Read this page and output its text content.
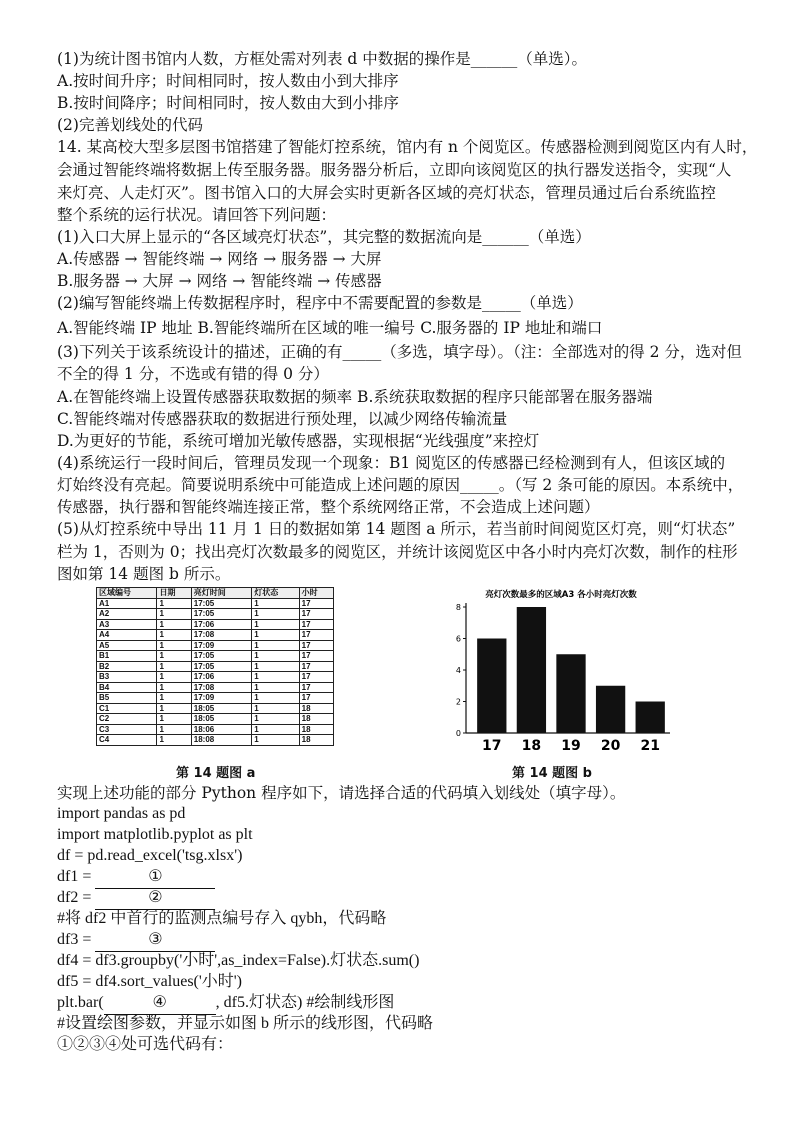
(1)为统计图书馆内人数，方框处需对列表 d 中数据的操作是______（单选）。
A.按时间升序；时间相同时，按人数由小到大排序
B.按时间降序；时间相同时，按人数由大到小排序
(2)完善划线处的代码
14. 某高校大型多层图书馆搭建了智能灯控系统，馆内有 n 个阅览区。传感器检测到阅览区内有人时，
会通过智能终端将数据上传至服务器。服务器分析后，立即向该阅览区的执行器发送指令，实现“人
来灯亮、人走灯灭”。图书馆入口的大屏会实时更新各区域的亮灯状态，管理员通过后台系统监控
整个系统的运行状况。请回答下列问题：
(1)入口大屏上显示的“各区域亮灯状态”，其完整的数据流向是______（单选）
A.传感器 → 智能终端 → 网络 → 服务器 → 大屏
B.服务器 → 大屏 → 网络 → 智能终端 → 传感器
(2)编写智能终端上传数据程序时，程序中不需要配置的参数是_____（单选）
A.智能终端 IP 地址 B.智能终端所在区域的唯一编号 C.服务器的 IP 地址和端口
(3)下列关于该系统设计的描述，正确的有_____（多选，填字母）。（注：全部选对的得 2 分，选对但
不全的得 1 分，不选或有错的得 0 分）
A.在智能终端上设置传感器获取数据的频率 B.系统获取数据的程序只能部署在服务器端
C.智能终端对传感器获取的数据进行预处理，以减少网络传输流量
D.为更好的节能，系统可增加光敏传感器，实现根据“光线强度”来控灯
(4)系统运行一段时间后，管理员发现一个现象：B1 阅览区的传感器已经检测到有人，但该区域的
灯始终没有亮起。简要说明系统中可能造成上述问题的原因_____。（写 2 条可能的原因。本系统中，
传感器，执行器和智能终端连接正常，整个系统网络正常，不会造成上述问题）
(5)从灯控系统中导出 11 月 1 日的数据如第 14 题图 a 所示，若当前时间阅览区灯亮，则“灯状态”
栏为 1，否则为 0；找出亮灯次数最多的阅览区，并统计该阅览区中各小时内亮灯次数，制作的柱形
图如第 14 题图 b 所示。
区域编号	日期	亮灯时间	灯状态	小时
A1	1	17:05	1	17
A2	1	17:05	1	17
A3	1	17:06	1	17
A4	1	17:08	1	17
A5	1	17:09	1	17
B1	1	17:05	1	17
B2	1	17:05	1	17
B3	1	17:06	1	17
B4	1	17:08	1	17
B5	1	17:09	1	17
C1	1	18:05	1	18
C2	1	18:05	1	18
C3	1	18:06	1	18
C4	1	18:08	1	18
第 14 题图 a
亮灯次数最多的区域A3 各小时亮灯次数
0
2
4
6
8
17 18 19 20 21
第 14 题图 b
实现上述功能的部分 Python 程序如下，请选择合适的代码填入划线处（填字母）。
import pandas as pd
import matplotlib.pyplot as plt
df = pd.read_excel('tsg.xlsx')
df1 =	①
df2 =	②
#将 df2 中首行的监测点编号存入 qybh，代码略
df3 =	③
df4 = df3.groupby('小时',as_index=False).灯状态.sum()
df5 = df4.sort_values('小时')
plt.bar(	④	, df5.灯状态) #绘制线形图
#设置绘图参数，并显示如图 b 所示的线形图，代码略
①②③④处可选代码有：
